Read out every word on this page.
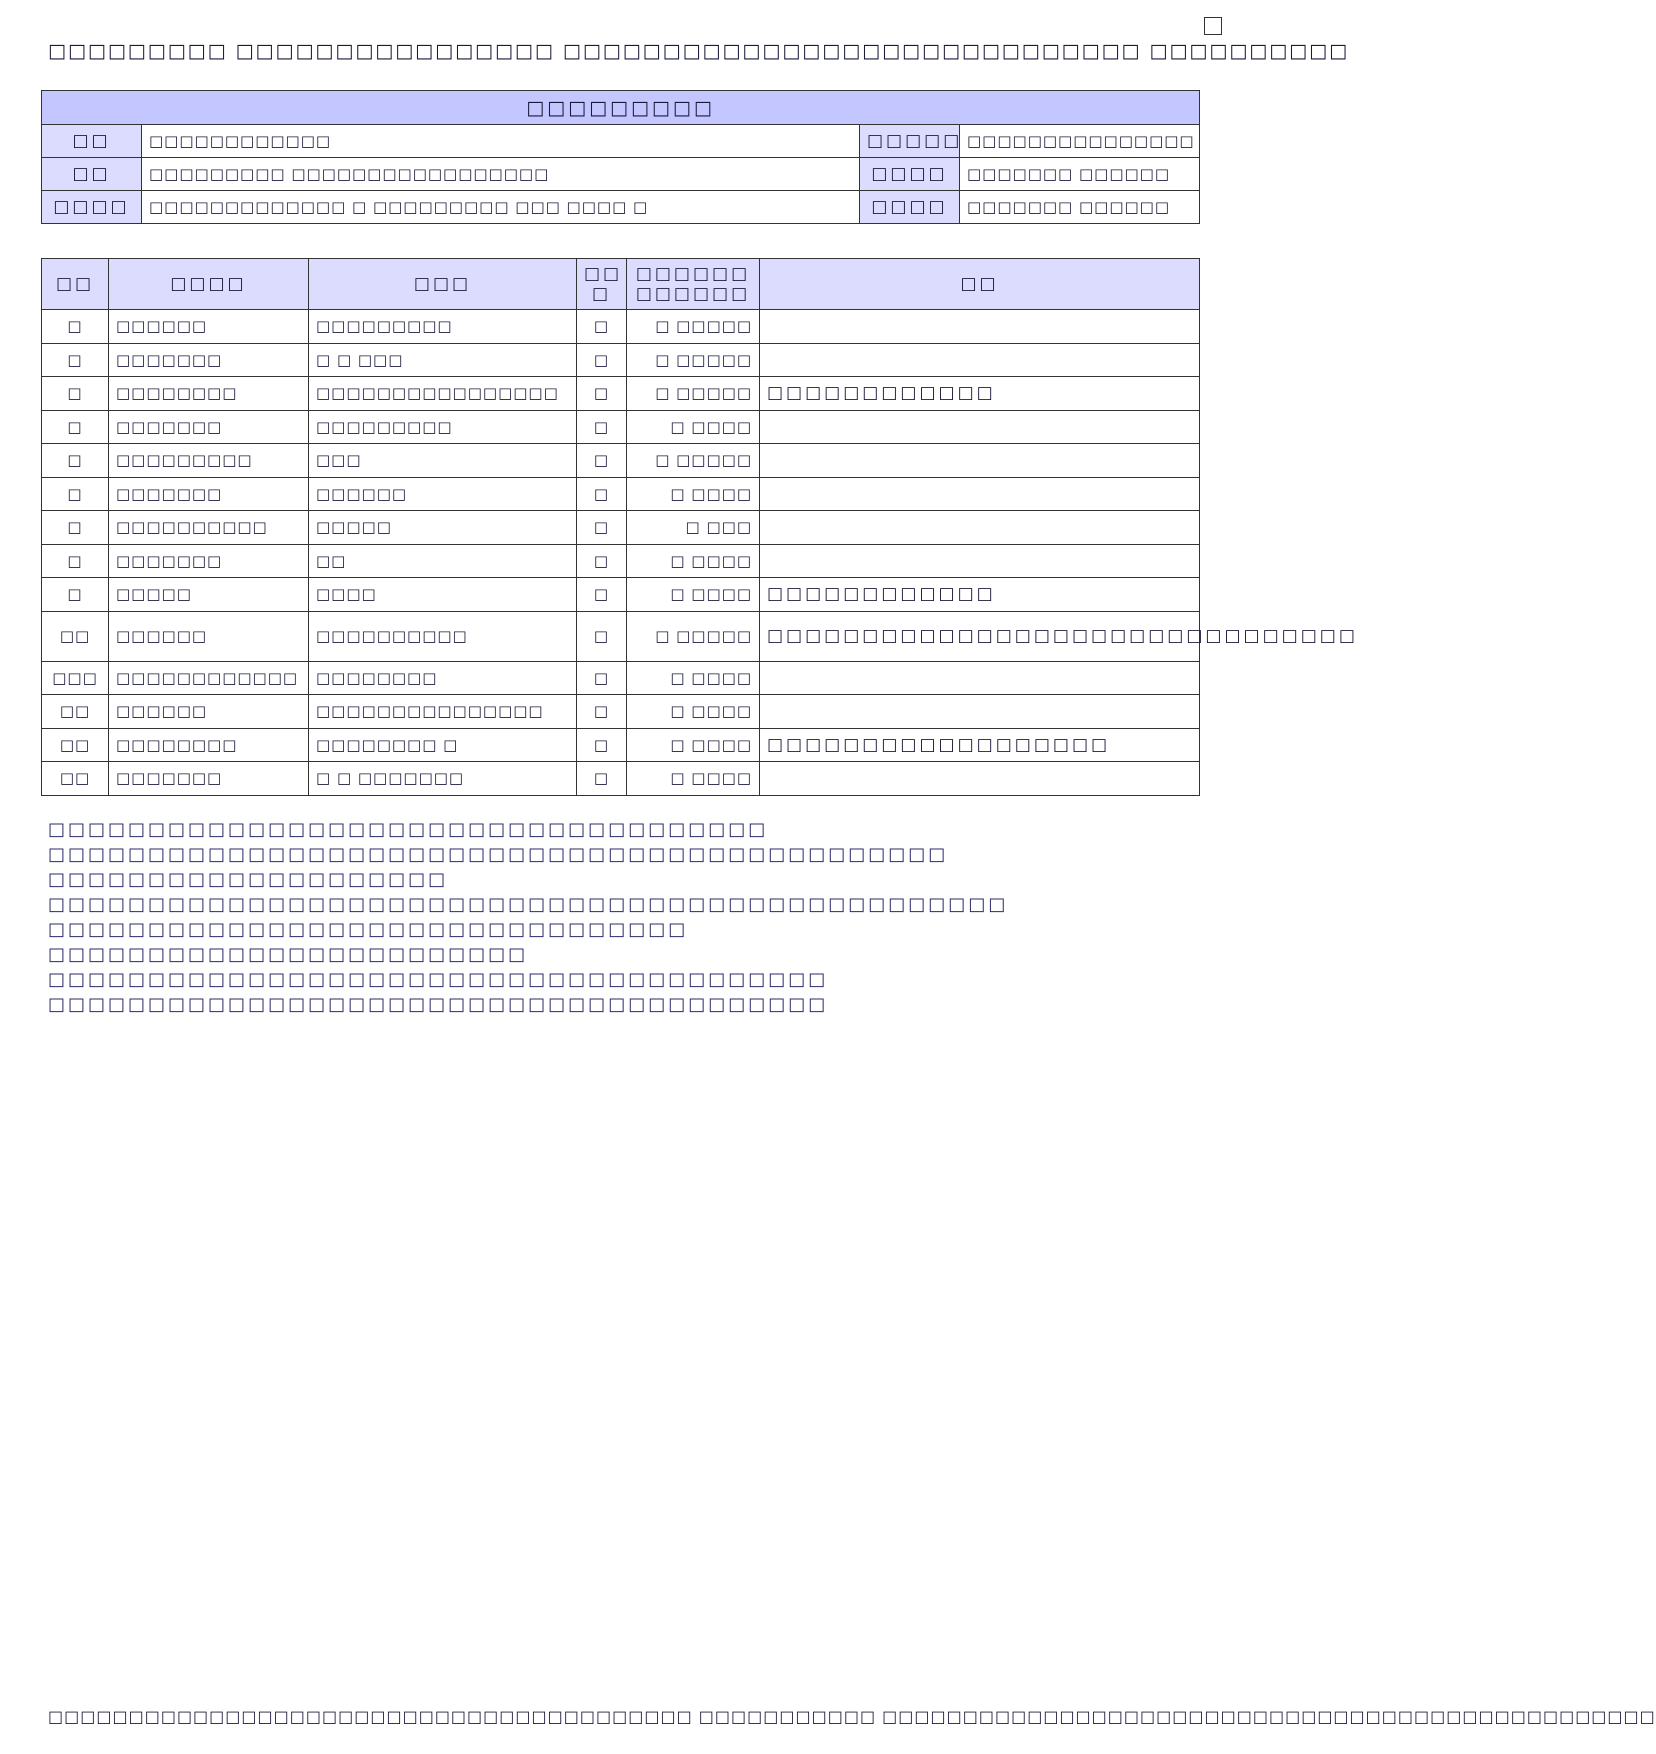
□□□□□□□□□ □□□□□□□□□□□□□□□□ □□□□□□□□□□□□□□□□□□□□□□□□□□□□□ □□□□□□□□□□
□□□□□□□□□			
□□	□□□□□□□□□□□□	□□□□□	□□□□□□□□□□□□□□□
□□	□□□□□□□□□ □□□□□□□□□□□□□□□□□	□□□□	□□□□□□□ □□□□□□
□□□□	□□□□□□□□□□□□□ □ □□□□□□□□□ □□□ □□□□ □	□□□□	□□□□□□□ □□□□□□
□□	□□□□	□□□	□□ □	□□□□□□ □□□□□□	□□
□	□□□□□□	□□□□□□□□□	□	□ □□□□□	
□	□□□□□□□	□ □ □□□	□	□ □□□□□	
□	□□□□□□□□	□□□□□□□□□□□□□□□□	□	□ □□□□□	□□□□□□□□□□□□
□	□□□□□□□	□□□□□□□□□	□	□ □□□□	
□	□□□□□□□□□	□□□	□	□ □□□□□	
□	□□□□□□□	□□□□□□	□	□ □□□□	
□	□□□□□□□□□□	□□□□□	□	□ □□□	
□	□□□□□□□	□□	□	□ □□□□	
□	□□□□□	□□□□	□	□ □□□□	□□□□□□□□□□□□
□□	□□□□□□	□□□□□□□□□□	□	□ □□□□□	□□□□□□□□□□□□□□□□□□□□□□□□□□□□□□□
□□□	□□□□□□□□□□□□	□□□□□□□□	□	□ □□□□	
□□	□□□□□□	□□□□□□□□□□□□□□□	□	□ □□□□	
□□	□□□□□□□□	□□□□□□□□ □	□	□ □□□□	□□□□□□□□□□□□□□□□□□
□□	□□□□□□□	□ □ □□□□□□□	□	□ □□□□	
□□□□□□□□□□□□□□□□□□□□□□□□□□□□□□□□□□□□
□□□□□□□□□□□□□□□□□□□□□□□□□□□□□□□□□□□□□□□□□□□□□
□□□□□□□□□□□□□□□□□□□□
□□□□□□□□□□□□□□□□□□□□□□□□□□□□□□□□□□□□□□□□□□□□□□□□
□□□□□□□□□□□□□□□□□□□□□□□□□□□□□□□□
□□□□□□□□□□□□□□□□□□□□□□□□
□□□□□□□□□□□□□□□□□□□□□□□□□□□□□□□□□□□□□□□
□□□□□□□□□□□□□□□□□□□□□□□□□□□□□□□□□□□□□□□
□□□□□□□□□□□□□□□□□□□□□□□□□□□□□□□□□□□□□□□□ □□□□□□□□□□□ □□□□□□□□□□□□□□□□□□□□□□□□□□□□□□□□□□□□□□□□□□□□□□□□
